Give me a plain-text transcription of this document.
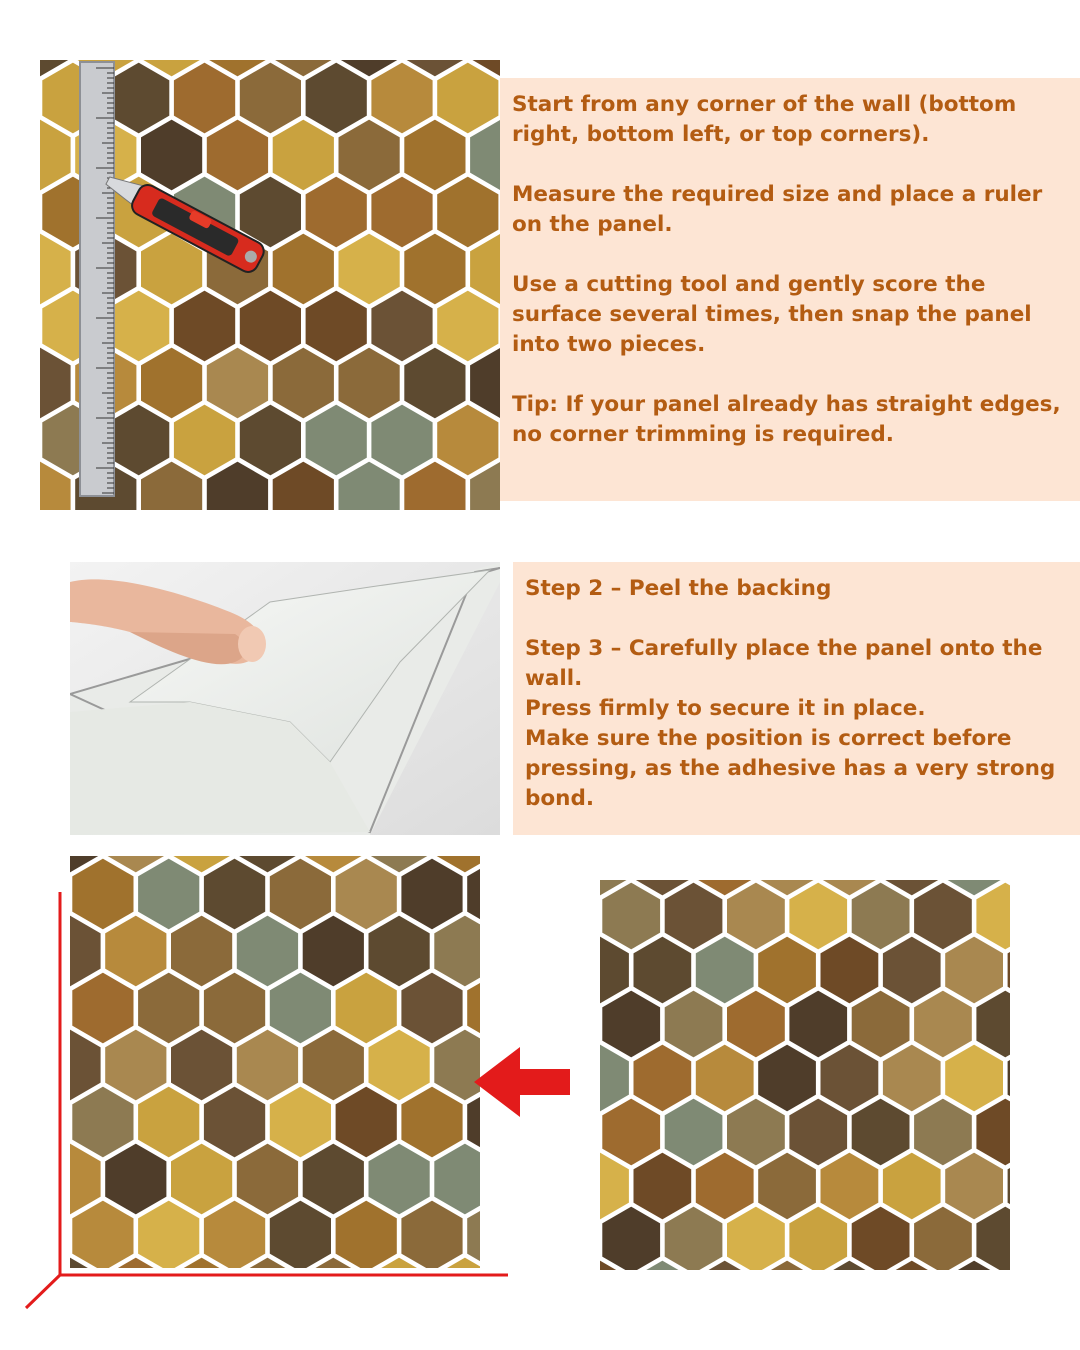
Start from any corner of the wall (bottom right, bottom left, or top corners).

Measure the required size and place a ruler on the panel.

Use a cutting tool and gently score the surface several times, then snap the panel into two pieces.

Tip: If your panel already has straight edges, no corner trimming is required.

Step 2 – Peel the backing

Step 3 – Carefully place the panel onto the wall.

Press firmly to secure it in place.

Make sure the position is correct before pressing, as the adhesive has a very strong bond.
